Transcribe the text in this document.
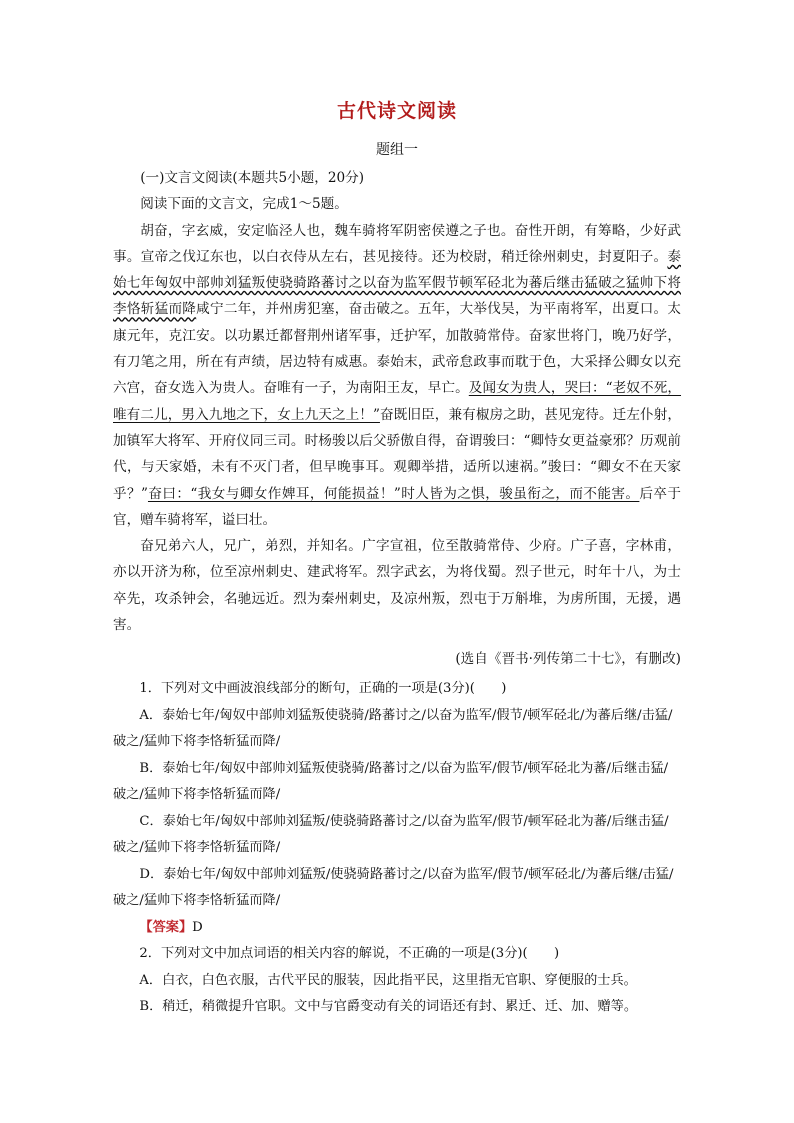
古代诗文阅读
题组一

(一)文言文阅读(本题共5小题，20分)

阅读下面的文言文，完成1～5题。

胡奋，字玄威，安定临泾人也，魏车骑将军阴密侯遵之子也。奋性开朗，有筹略，少好武事。宣帝之伐辽东也，以白衣侍从左右，甚见接待。还为校尉，稍迁徐州刺史，封夏阳子。泰始七年匈奴中部帅刘猛叛使骁骑路蕃讨之以奋为监军假节顿军硁北为蕃后继击猛破之猛帅下将李恪斩猛而降咸宁二年，并州虏犯塞，奋击破之。五年，大举伐吴，为平南将军，出夏口。太康元年，克江安。以功累迁都督荆州诸军事，迁护军，加散骑常侍。奋家世将门，晚乃好学，有刀笔之用，所在有声绩，居边特有威惠。泰始末，武帝怠政事而耽于色，大采择公卿女以充六宫，奋女选入为贵人。奋唯有一子，为南阳王友，早亡。及闻女为贵人，哭曰：“老奴不死，唯有二儿，男入九地之下，女上九天之上！”奋既旧臣，兼有椒房之助，甚见宠待。迁左仆射，加镇军大将军、开府仪同三司。时杨骏以后父骄傲自得，奋谓骏曰：“卿恃女更益豪邪？历观前代，与天家婚，未有不灭门者，但早晚事耳。观卿举措，适所以速祸。”骏曰：“卿女不在天家乎？”奋曰：“我女与卿女作婢耳，何能损益！”时人皆为之惧，骏虽衔之，而不能害。后卒于官，赠车骑将军，谥曰壮。

奋兄弟六人，兄广，弟烈，并知名。广字宣祖，位至散骑常侍、少府。广子喜，字林甫，亦以开济为称，位至凉州刺史、建武将军。烈字武玄，为将伐蜀。烈子世元，时年十八，为士卒先，攻杀钟会，名驰远近。烈为秦州刺史，及凉州叛，烈屯于万斛堆，为虏所围，无援，遇害。

(选自《晋书·列传第二十七》，有删改)

1．下列对文中画波浪线部分的断句，正确的一项是(3分)(　　)

A．泰始七年/匈奴中部帅刘猛叛使骁骑/路蕃讨之/以奋为监军/假节/顿军硁北/为蕃后继/击猛/破之/猛帅下将李恪斩猛而降/

B．泰始七年/匈奴中部帅刘猛叛使骁骑/路蕃讨之/以奋为监军/假节/顿军硁北为蕃/后继击猛/破之/猛帅下将李恪斩猛而降/

C．泰始七年/匈奴中部帅刘猛叛/使骁骑路蕃讨之/以奋为监军/假节/顿军硁北为蕃/后继击猛/破之/猛帅下将李恪斩猛而降/

D．泰始七年/匈奴中部帅刘猛叛/使骁骑路蕃讨之/以奋为监军/假节/顿军硁北/为蕃后继/击猛/破之/猛帅下将李恪斩猛而降/

【答案】D

2．下列对文中加点词语的相关内容的解说，不正确的一项是(3分)(　　)

A．白衣，白色衣服，古代平民的服装，因此指平民，这里指无官职、穿便服的士兵。

B．稍迁，稍微提升官职。文中与官爵变动有关的词语还有封、累迁、迁、加、赠等。
